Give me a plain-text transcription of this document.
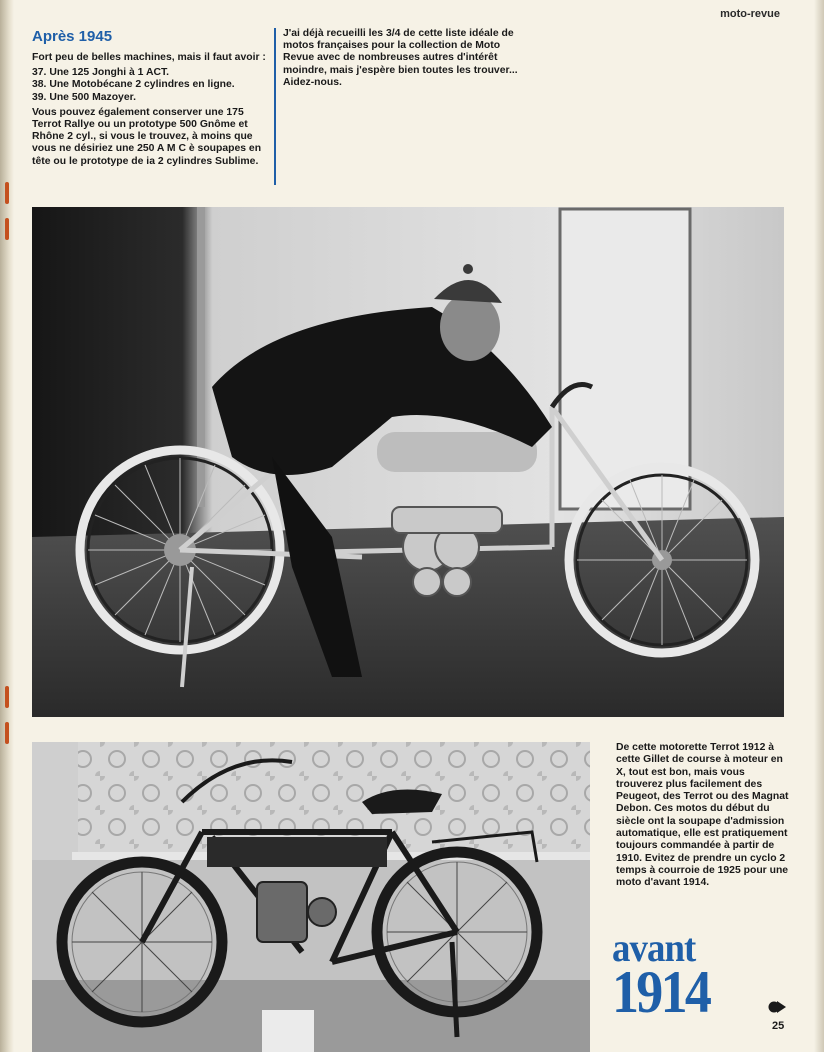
moto-revue
Après 1945

Fort peu de belles machines, mais il faut avoir :

37. Une 125 Jonghi à 1 ACT.
38. Une Motobécane 2 cylindres en ligne.
39. Une 500 Mazoyer.

Vous pouvez également conserver une 175 Terrot Rallye ou un prototype 500 Gnôme et Rhône 2 cyl., si vous le trouvez, à moins que vous ne désiriez une 250 A M C è soupapes en tête ou le prototype de ia 2 cylindres Sublime.

J'ai déjà recueilli les 3/4 de cette liste idéale de motos françaises pour la collection de Moto Revue avec de nombreuses autres d'intérêt moindre, mais j'espère bien toutes les trouver...

Aidez-nous.

De cette motorette Terrot 1912 à cette Gillet de course à moteur en X, tout est bon, mais vous trouverez plus facilement des Peugeot, des Terrot ou des Magnat Debon. Ces motos du début du siècle ont la soupape d'admission automatique, elle est pratiquement toujours commandée à partir de 1910. Evitez de prendre un cyclo 2 temps à courroie de 1925 pour une moto d'avant 1914.

avant
1914
25
